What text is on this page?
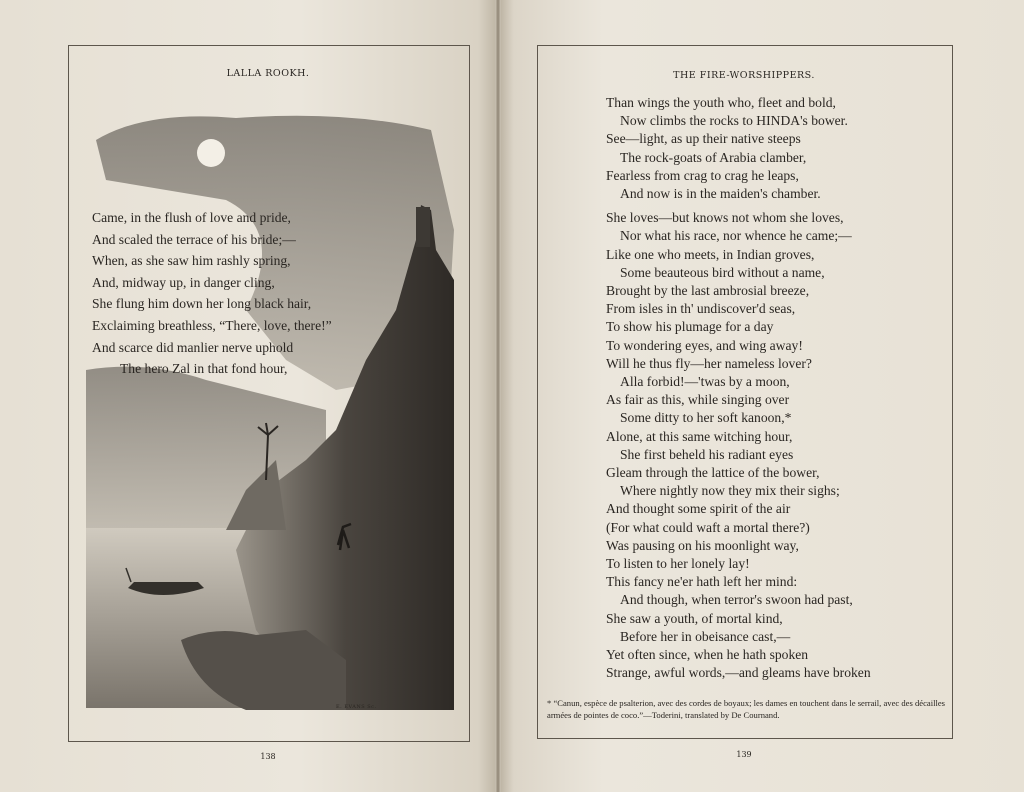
LALLA ROOKH.	THE FIRE-WORSHIPPERS.
E. EVANS Sc.
Came, in the flush of love and pride,
And scaled the terrace of his bride;—
When, as she saw him rashly spring,
And, midway up, in danger cling,
She flung him down her long black hair,
Exclaiming breathless, “There, love, there!”
And scarce did manlier nerve uphold
The hero Zal in that fond hour,
Than wings the youth who, fleet and bold,
Now climbs the rocks to HINDA's bower.
See—light, as up their native steeps
The rock-goats of Arabia clamber,
Fearless from crag to crag he leaps,
And now is in the maiden's chamber.
She loves—but knows not whom she loves,
Nor what his race, nor whence he came;—
Like one who meets, in Indian groves,
Some beauteous bird without a name,
Brought by the last ambrosial breeze,
From isles in th' undiscover'd seas,
To show his plumage for a day
To wondering eyes, and wing away!
Will he thus fly—her nameless lover?
Alla forbid!—'twas by a moon,
As fair as this, while singing over
Some ditty to her soft kanoon,*
Alone, at this same witching hour,
She first beheld his radiant eyes
Gleam through the lattice of the bower,
Where nightly now they mix their sighs;
And thought some spirit of the air
(For what could waft a mortal there?)
Was pausing on his moonlight way,
To listen to her lonely lay!
This fancy ne'er hath left her mind:
And though, when terror's swoon had past,
She saw a youth, of mortal kind,
Before her in obeisance cast,—
Yet often since, when he hath spoken
Strange, awful words,—and gleams have broken
* “Canun, espèce de psalterion, avec des cordes de boyaux; les dames en touchent dans le serrail, avec des décailles armées de pointes de coco.”—Toderini, translated by De Cournand.
138	139
